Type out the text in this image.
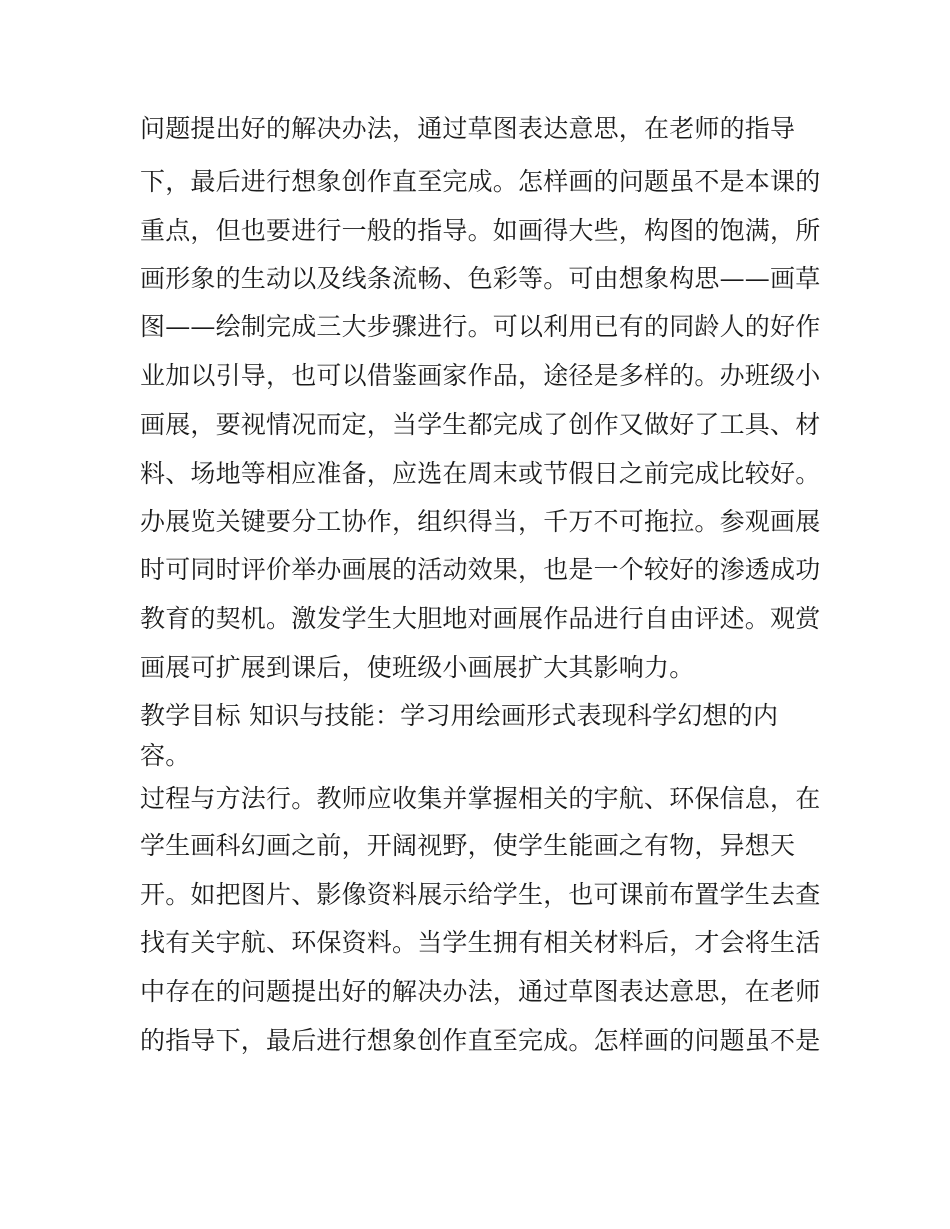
问题提出好的解决办法，通过草图表达意思，在老师的指导
下，最后进行想象创作直至完成。怎样画的问题虽不是本课的
重点，但也要进行一般的指导。如画得大些，构图的饱满，所
画形象的生动以及线条流畅、色彩等。可由想象构思——画草
图——绘制完成三大步骤进行。可以利用已有的同龄人的好作
业加以引导，也可以借鉴画家作品，途径是多样的。办班级小
画展，要视情况而定，当学生都完成了创作又做好了工具、材
料、场地等相应准备，应选在周末或节假日之前完成比较好。
办展览关键要分工协作，组织得当，千万不可拖拉。参观画展
时可同时评价举办画展的活动效果，也是一个较好的渗透成功
教育的契机。激发学生大胆地对画展作品进行自由评述。观赏
画展可扩展到课后，使班级小画展扩大其影响力。
教学目标 知识与技能：学习用绘画形式表现科学幻想的内
容。
过程与方法行。教师应收集并掌握相关的宇航、环保信息，在
学生画科幻画之前，开阔视野，使学生能画之有物，异想天
开。如把图片、影像资料展示给学生，也可课前布置学生去查
找有关宇航、环保资料。当学生拥有相关材料后，才会将生活
中存在的问题提出好的解决办法，通过草图表达意思，在老师
的指导下，最后进行想象创作直至完成。怎样画的问题虽不是
